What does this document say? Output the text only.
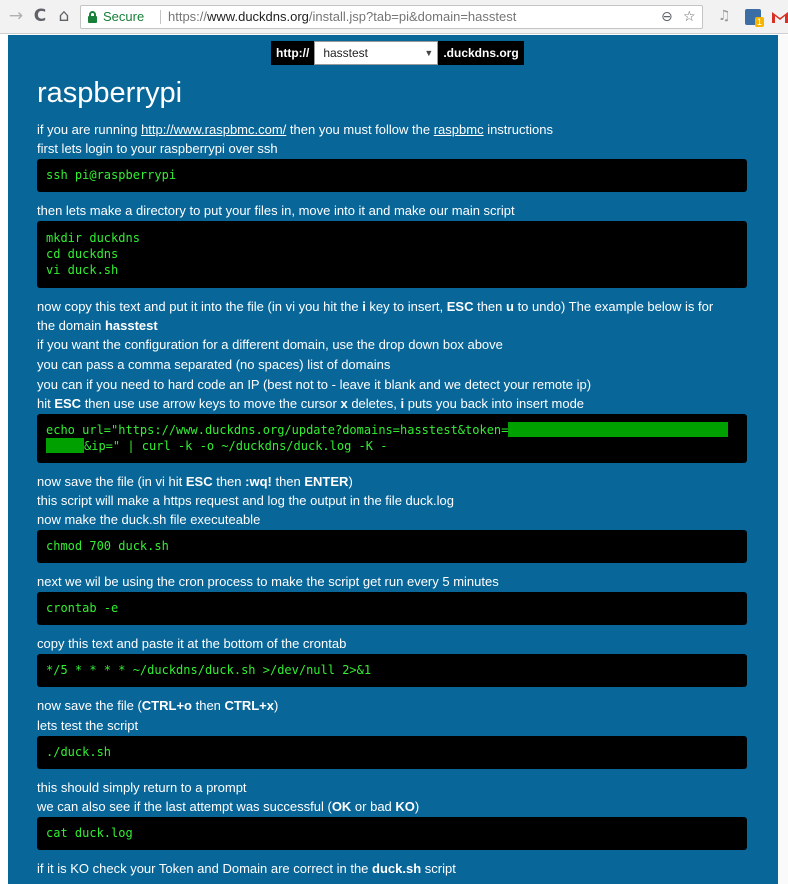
→ C ⌂	Secure https://www.duckdns.org/install.jsp?tab=pi&domain=hasstest	⊖ ☆ ♫	1
http://	hasstest	▼ .duckdns.org
raspberrypi
if you are running http://www.raspbmc.com/ then you must follow the raspbmc instructions
first lets login to your raspberrypi over ssh
ssh pi@raspberrypi
then lets make a directory to put your files in, move into it and make our main script
mkdir duckdns
cd duckdns
vi duck.sh
now copy this text and put it into the file (in vi you hit the i key to insert, ESC then u to undo) The example below is for
the domain hasstest
if you want the configuration for a different domain, use the drop down box above
you can pass a comma separated (no spaces) list of domains
you can if you need to hard code an IP (best not to - leave it blank and we detect your remote ip)
hit ESC then use use arrow keys to move the cursor x deletes, i puts you back into insert mode
echo url="https://www.duckdns.org/update?domains=hasstest&token=
&ip=" | curl -k -o ~/duckdns/duck.log -K -
now save the file (in vi hit ESC then :wq! then ENTER)
this script will make a https request and log the output in the file duck.log
now make the duck.sh file executeable
chmod 700 duck.sh
next we wil be using the cron process to make the script get run every 5 minutes
crontab -e
copy this text and paste it at the bottom of the crontab
*/5 * * * * ~/duckdns/duck.sh >/dev/null 2>&1
now save the file (CTRL+o then CTRL+x)
lets test the script
./duck.sh
this should simply return to a prompt
we can also see if the last attempt was successful (OK or bad KO)
cat duck.log
if it is KO check your Token and Domain are correct in the duck.sh script
